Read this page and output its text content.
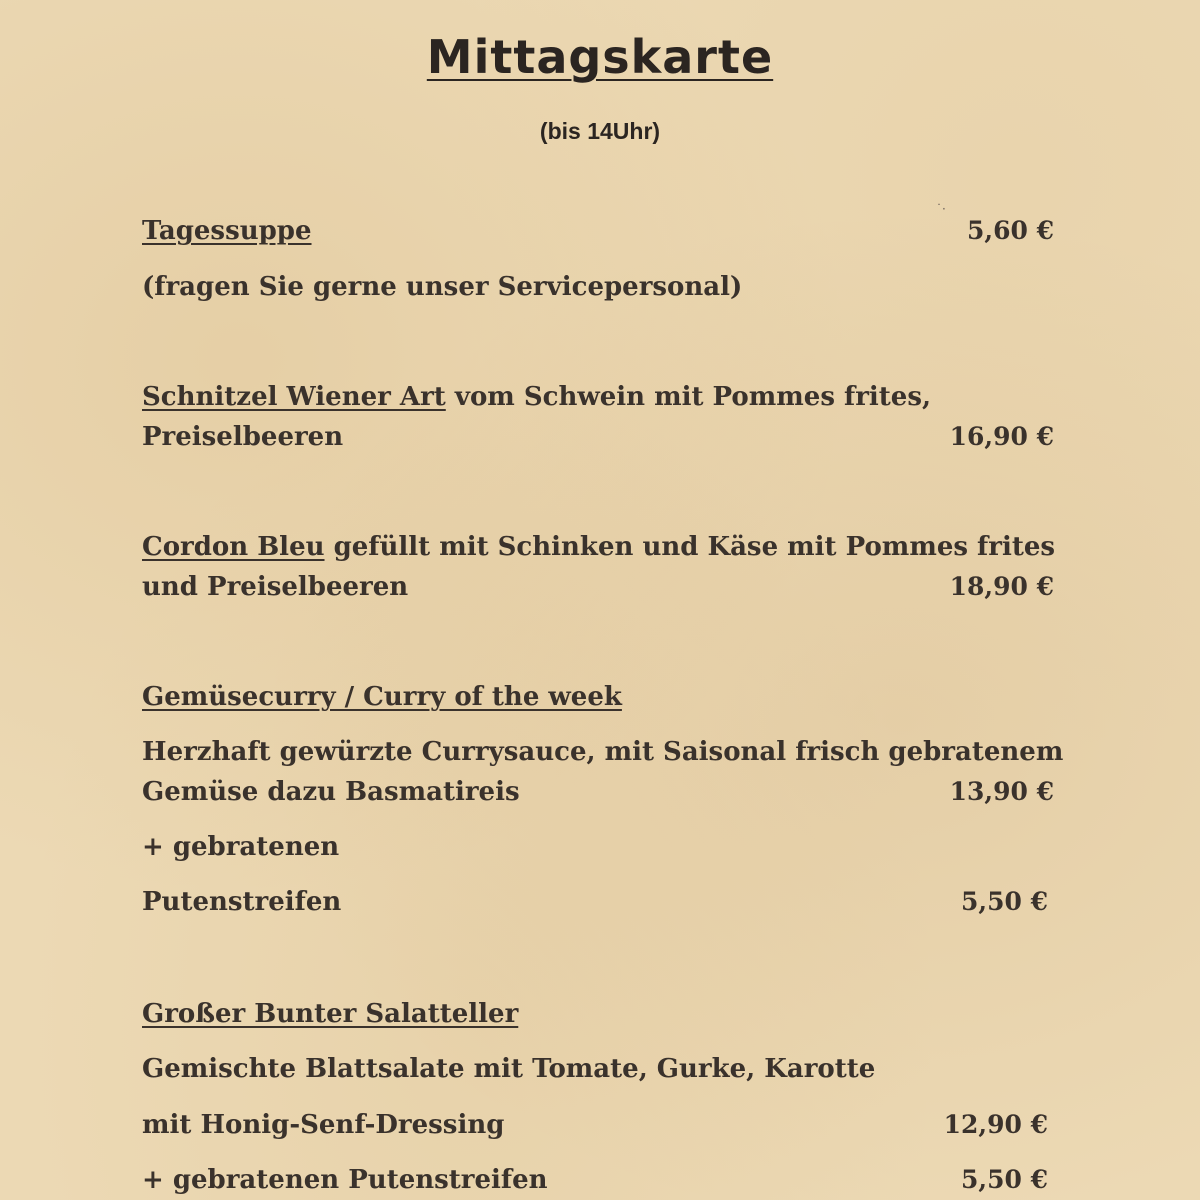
Mittagskarte
(bis 14Uhr)
˙·
Tagessuppe	5,60 €
(fragen Sie gerne unser Servicepersonal)
Schnitzel Wiener Art vom Schwein mit Pommes frites,
Preiselbeeren	16,90 €
Cordon Bleu gefüllt mit Schinken und Käse mit Pommes frites
und Preiselbeeren	18,90 €
Gemüsecurry / Curry of the week
Herzhaft gewürzte Currysauce, mit Saisonal frisch gebratenem
Gemüse dazu Basmatireis	13,90 €
+ gebratenen
Putenstreifen	5,50 €
Großer Bunter Salatteller
Gemischte Blattsalate mit Tomate, Gurke, Karotte
mit Honig-Senf-Dressing	12,90 €
+ gebratenen Putenstreifen	5,50 €
